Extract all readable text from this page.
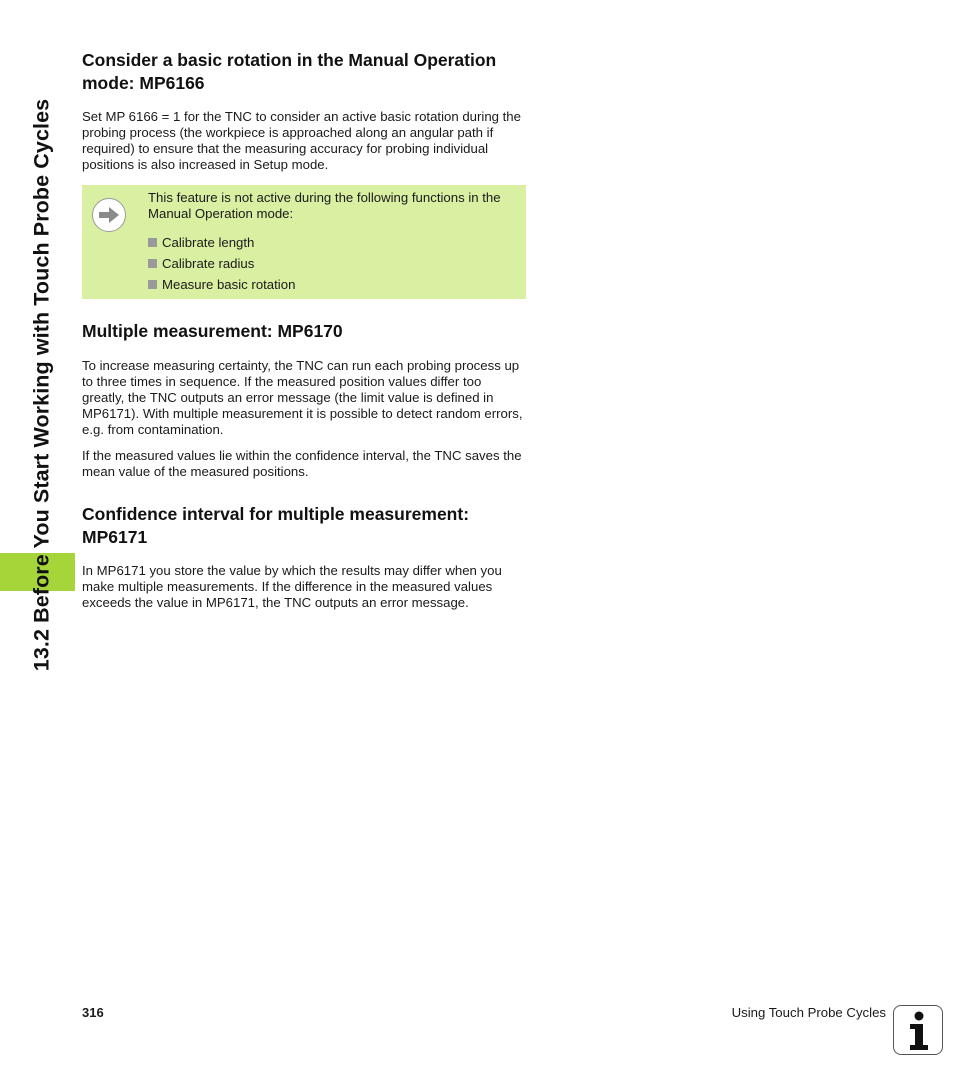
13.2 Before You Start Working with Touch Probe Cycles
Consider a basic rotation in the Manual Operation mode: MP6166

Set MP 6166 = 1 for the TNC to consider an active basic rotation during the probing process (the workpiece is approached along an angular path if required) to ensure that the measuring accuracy for probing individual positions is also increased in Setup mode.

This feature is not active during the following functions in the Manual Operation mode:
Calibrate length
Calibrate radius
Measure basic rotation
Multiple measurement: MP6170

To increase measuring certainty, the TNC can run each probing process up to three times in sequence. If the measured position values differ too greatly, the TNC outputs an error message (the limit value is defined in MP6171). With multiple measurement it is possible to detect random errors, e.g. from contamination.

If the measured values lie within the confidence interval, the TNC saves the mean value of the measured positions.

Confidence interval for multiple measurement: MP6171

In MP6171 you store the value by which the results may differ when you make multiple measurements. If the difference in the measured values exceeds the value in MP6171, the TNC outputs an error message.

316	Using Touch Probe Cycles
